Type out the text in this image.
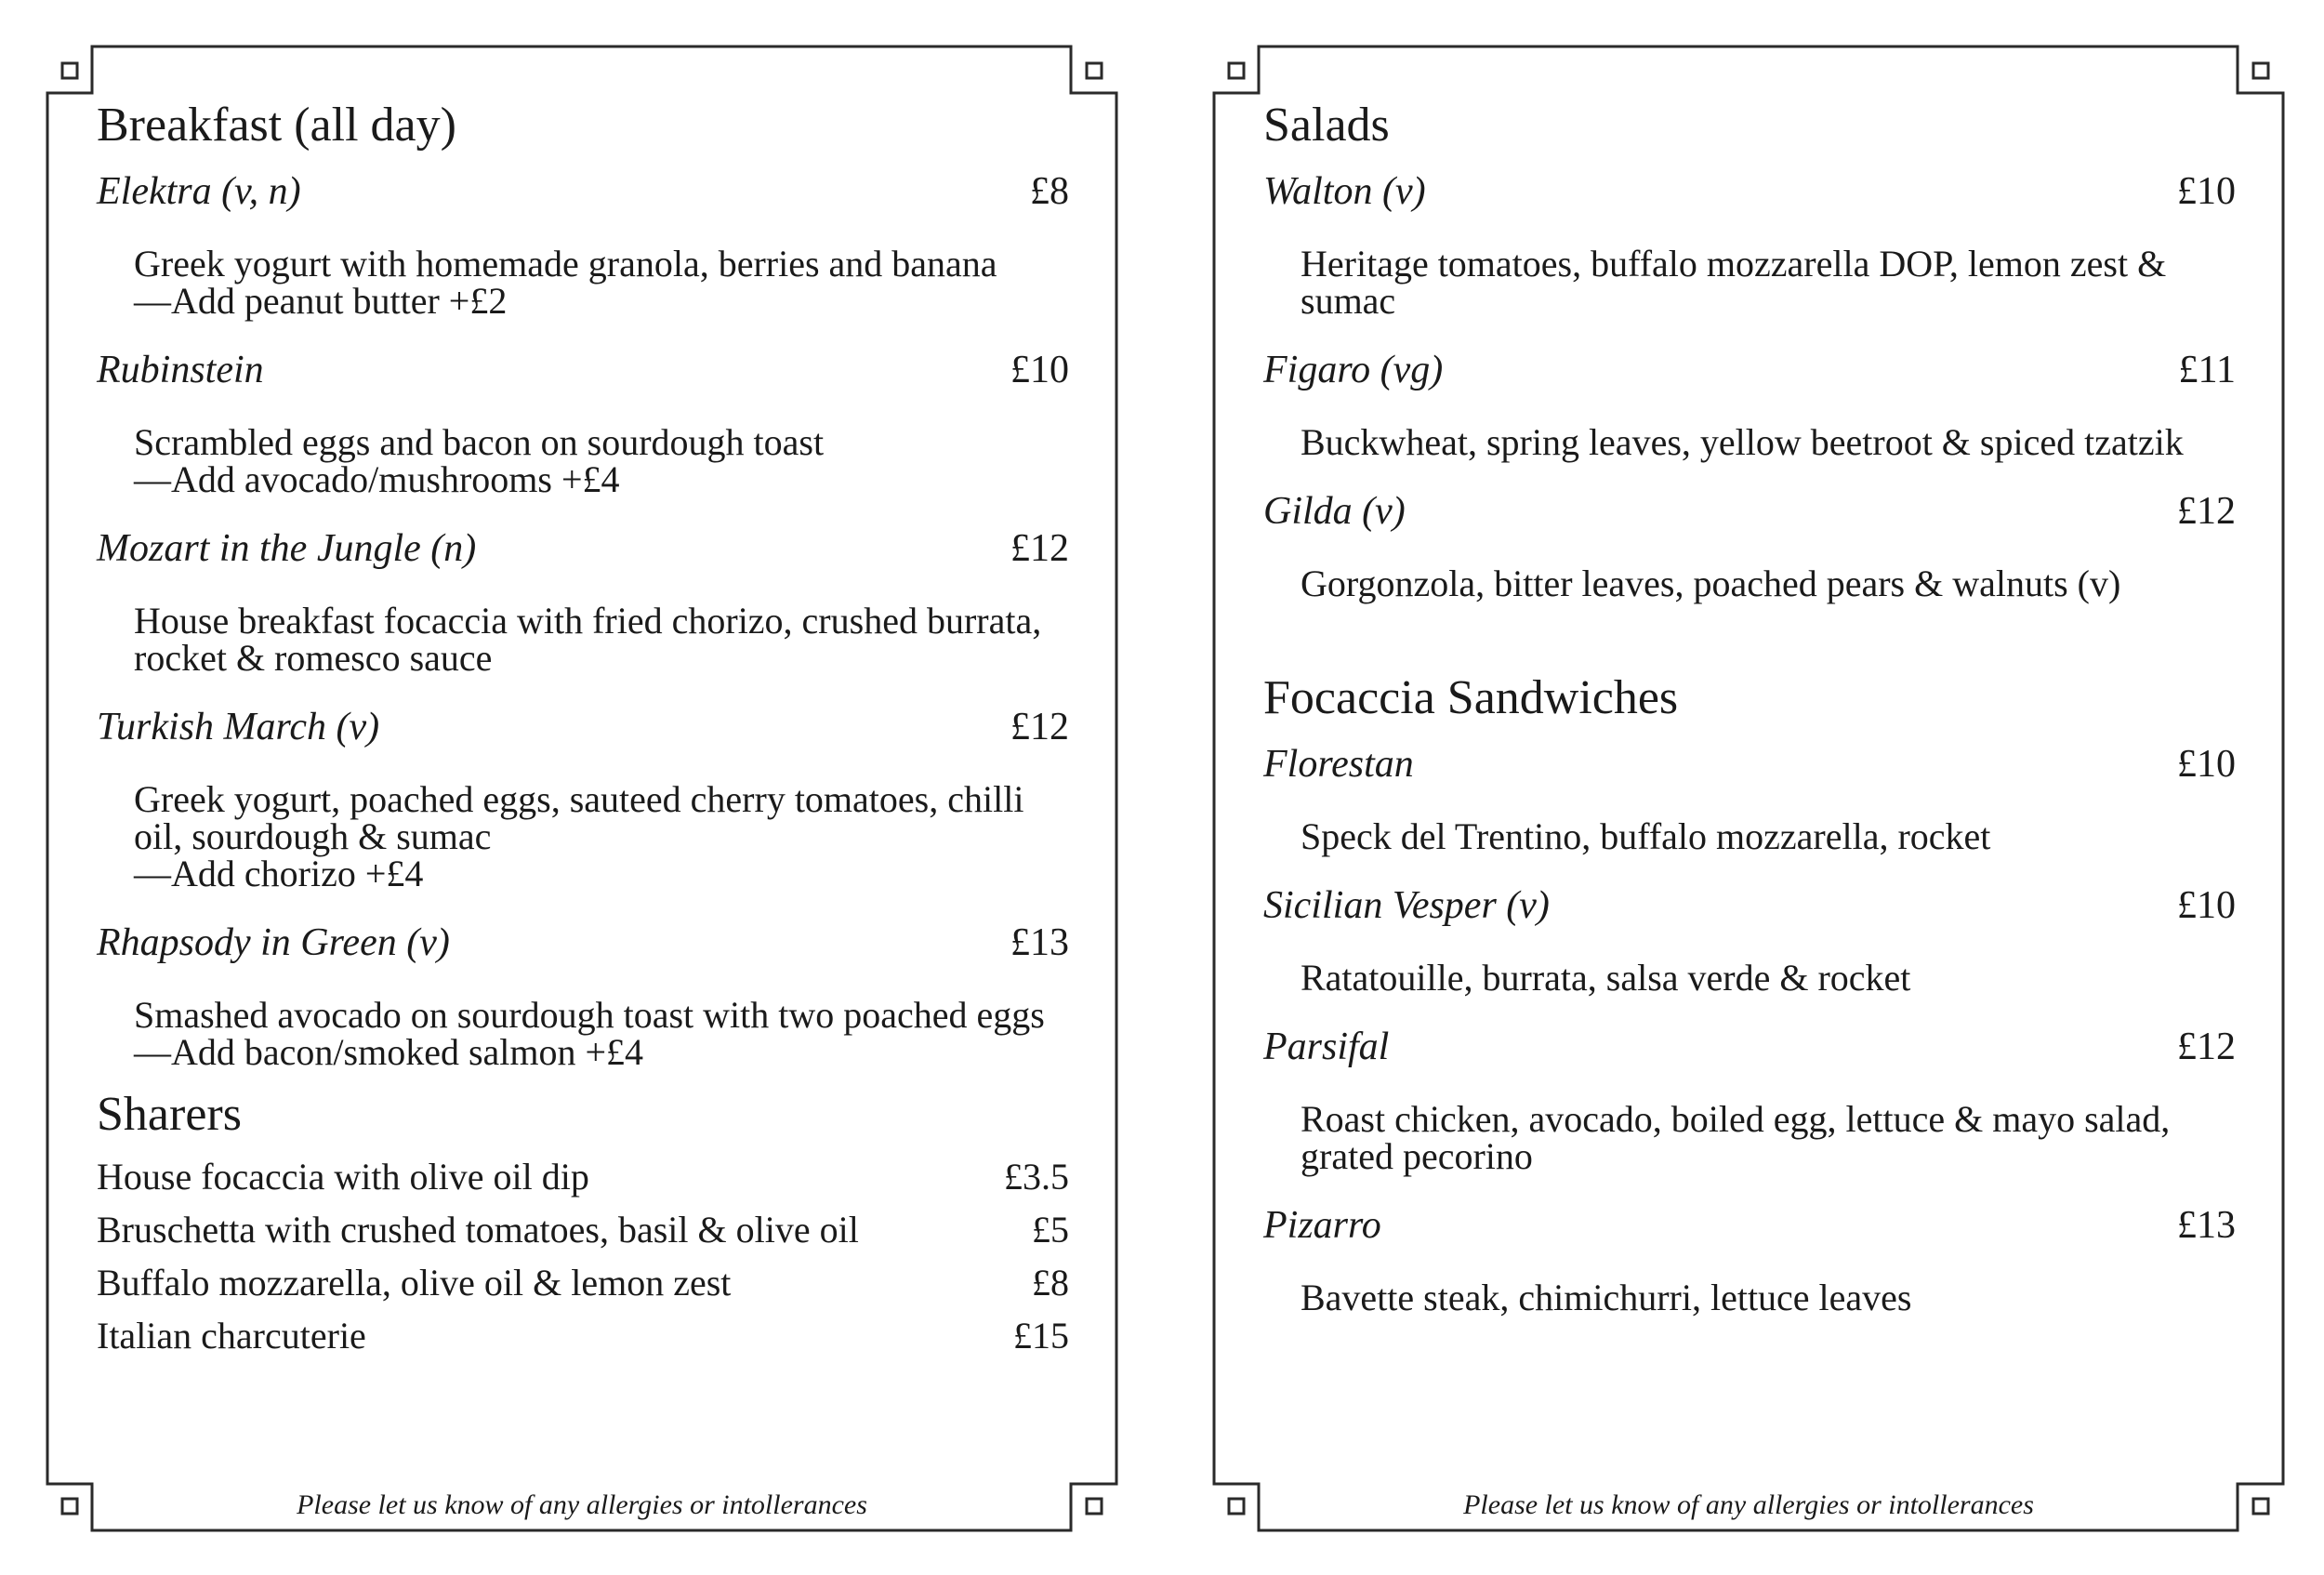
Breakfast (all day)
Elektra (v, n)	£8
Greek yogurt with homemade granola, berries and banana
—Add peanut butter +£2
Rubinstein	£10
Scrambled eggs and bacon on sourdough toast
—Add avocado/mushrooms +£4
Mozart in the Jungle (n)	£12
House breakfast focaccia with fried chorizo, crushed burrata,
rocket & romesco sauce
Turkish March (v)	£12
Greek yogurt, poached eggs, sauteed cherry tomatoes, chilli
oil, sourdough & sumac
—Add chorizo +£4
Rhapsody in Green (v)	£13
Smashed avocado on sourdough toast with two poached eggs
—Add bacon/smoked salmon +£4
Sharers
House focaccia with olive oil dip	£3.5
Bruschetta with crushed tomatoes, basil & olive oil	£5
Buffalo mozzarella, olive oil & lemon zest	£8
Italian charcuterie	£15
Please let us know of any allergies or intollerances
Salads
Walton (v)	£10
Heritage tomatoes, buffalo mozzarella DOP, lemon zest &
sumac
Figaro (vg)	£11
Buckwheat, spring leaves, yellow beetroot & spiced tzatzik
Gilda (v)	£12
Gorgonzola, bitter leaves, poached pears & walnuts (v)
Focaccia Sandwiches
Florestan	£10
Speck del Trentino, buffalo mozzarella, rocket
Sicilian Vesper (v)	£10
Ratatouille, burrata, salsa verde & rocket
Parsifal	£12
Roast chicken, avocado, boiled egg, lettuce & mayo salad,
grated pecorino
Pizarro	£13
Bavette steak, chimichurri, lettuce leaves
Please let us know of any allergies or intollerances
